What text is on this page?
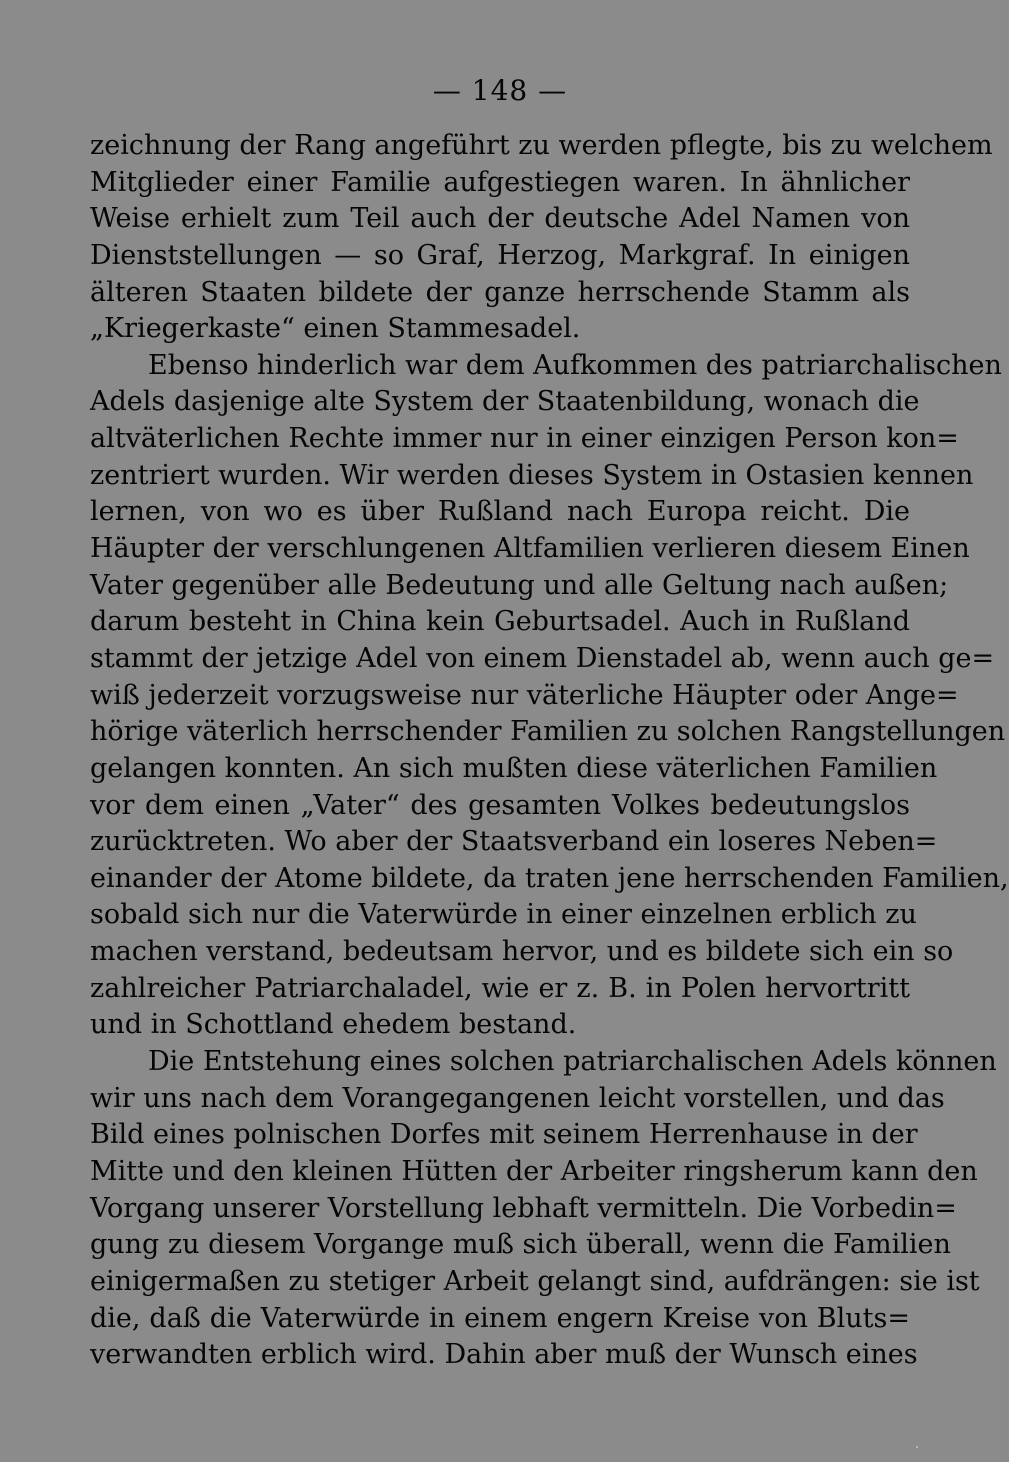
— 148 —
zeichnung der Rang angeführt zu werden pflegte, bis zu welchem
Mitglieder einer Familie aufgestiegen waren. In ähnlicher
Weise erhielt zum Teil auch der deutsche Adel Namen von
Dienststellungen — so Graf, Herzog, Markgraf. In einigen
älteren Staaten bildete der ganze herrschende Stamm als
„Kriegerkaste“ einen Stammesadel.
Ebenso hinderlich war dem Aufkommen des patriarchalischen
Adels dasjenige alte System der Staatenbildung, wonach die
altväterlichen Rechte immer nur in einer einzigen Person kon=
zentriert wurden. Wir werden dieses System in Ostasien kennen
lernen, von wo es über Rußland nach Europa reicht. Die
Häupter der verschlungenen Altfamilien verlieren diesem Einen
Vater gegenüber alle Bedeutung und alle Geltung nach außen;
darum besteht in China kein Geburtsadel. Auch in Rußland
stammt der jetzige Adel von einem Dienstadel ab, wenn auch ge=
wiß jederzeit vorzugsweise nur väterliche Häupter oder Ange=
hörige väterlich herrschender Familien zu solchen Rangstellungen
gelangen konnten. An sich mußten diese väterlichen Familien
vor dem einen „Vater“ des gesamten Volkes bedeutungslos
zurücktreten. Wo aber der Staatsverband ein loseres Neben=
einander der Atome bildete, da traten jene herrschenden Familien,
sobald sich nur die Vaterwürde in einer einzelnen erblich zu
machen verstand, bedeutsam hervor, und es bildete sich ein so
zahlreicher Patriarchaladel, wie er z. B. in Polen hervortritt
und in Schottland ehedem bestand.
Die Entstehung eines solchen patriarchalischen Adels können
wir uns nach dem Vorangegangenen leicht vorstellen, und das
Bild eines polnischen Dorfes mit seinem Herrenhause in der
Mitte und den kleinen Hütten der Arbeiter ringsherum kann den
Vorgang unserer Vorstellung lebhaft vermitteln. Die Vorbedin=
gung zu diesem Vorgange muß sich überall, wenn die Familien
einigermaßen zu stetiger Arbeit gelangt sind, aufdrängen: sie ist
die, daß die Vaterwürde in einem engern Kreise von Bluts=
verwandten erblich wird. Dahin aber muß der Wunsch eines
